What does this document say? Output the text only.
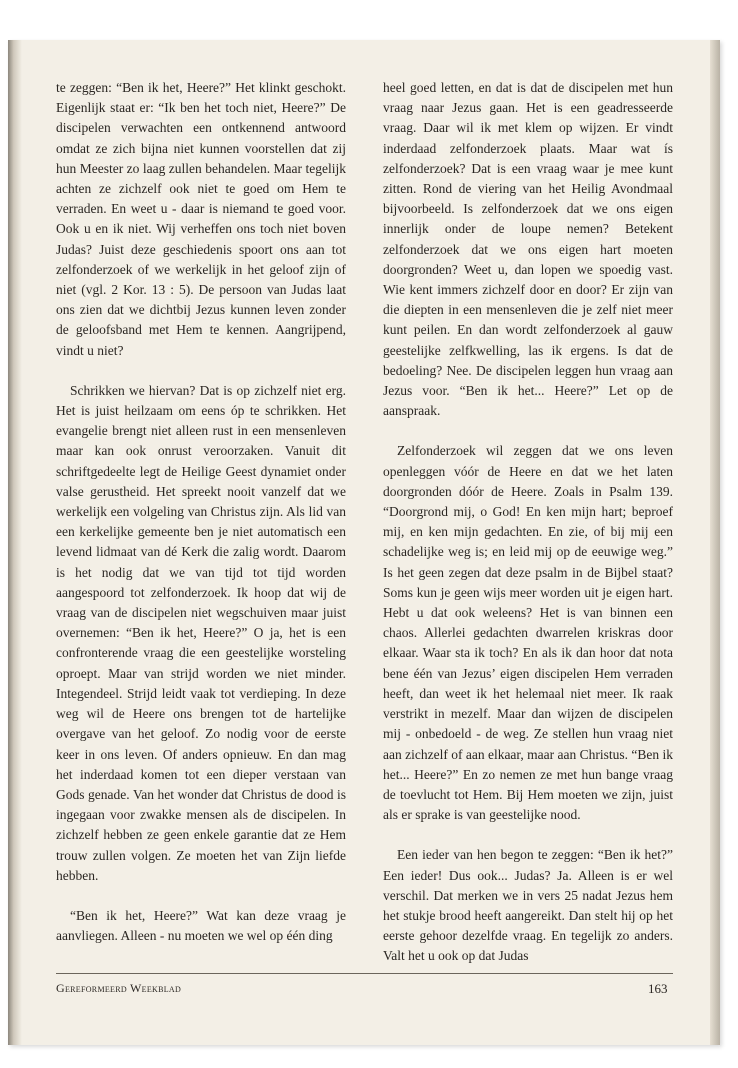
te zeggen: “Ben ik het, Heere?” Het klinkt geschokt. Eigenlijk staat er: “Ik ben het toch niet, Heere?” De discipelen verwachten een ontkennend antwoord omdat ze zich bijna niet kunnen voorstellen dat zij hun Meester zo laag zullen behandelen. Maar tegelijk achten ze zichzelf ook niet te goed om Hem te verraden. En weet u - daar is niemand te goed voor. Ook u en ik niet. Wij verheffen ons toch niet boven Judas? Juist deze geschiedenis spoort ons aan tot zelfonderzoek of we werkelijk in het geloof zijn of niet (vgl. 2 Kor. 13 : 5). De persoon van Judas laat ons zien dat we dichtbij Jezus kunnen leven zonder de geloofsband met Hem te kennen. Aangrijpend, vindt u niet?

Schrikken we hiervan? Dat is op zichzelf niet erg. Het is juist heilzaam om eens óp te schrikken. Het evangelie brengt niet alleen rust in een mensenleven maar kan ook onrust veroorzaken. Vanuit dit schriftgedeelte legt de Heilige Geest dynamiet onder valse gerustheid. Het spreekt nooit vanzelf dat we werkelijk een volgeling van Christus zijn. Als lid van een kerkelijke gemeente ben je niet automatisch een levend lidmaat van dé Kerk die zalig wordt. Daarom is het nodig dat we van tijd tot tijd worden aangespoord tot zelfonderzoek. Ik hoop dat wij de vraag van de discipelen niet wegschuiven maar juist overnemen: “Ben ik het, Heere?” O ja, het is een confronterende vraag die een geestelijke worsteling oproept. Maar van strijd worden we niet minder. Integendeel. Strijd leidt vaak tot verdieping. In deze weg wil de Heere ons brengen tot de hartelijke overgave van het geloof. Zo nodig voor de eerste keer in ons leven. Of anders opnieuw. En dan mag het inderdaad komen tot een dieper verstaan van Gods genade. Van het wonder dat Christus de dood is ingegaan voor zwakke mensen als de discipelen. In zichzelf hebben ze geen enkele garantie dat ze Hem trouw zullen volgen. Ze moeten het van Zijn liefde hebben.

“Ben ik het, Heere?” Wat kan deze vraag je aanvliegen. Alleen - nu moeten we wel op één ding

heel goed letten, en dat is dat de discipelen met hun vraag naar Jezus gaan. Het is een geadresseerde vraag. Daar wil ik met klem op wijzen. Er vindt inderdaad zelfonderzoek plaats. Maar wat ís zelfonderzoek? Dat is een vraag waar je mee kunt zitten. Rond de viering van het Heilig Avondmaal bijvoorbeeld. Is zelfonderzoek dat we ons eigen innerlijk onder de loupe nemen? Betekent zelfonderzoek dat we ons eigen hart moeten doorgronden? Weet u, dan lopen we spoedig vast. Wie kent immers zichzelf door en door? Er zijn van die diepten in een mensenleven die je zelf niet meer kunt peilen. En dan wordt zelfonderzoek al gauw geestelijke zelfkwelling, las ik ergens. Is dat de bedoeling? Nee. De discipelen leggen hun vraag aan Jezus voor. “Ben ik het... Heere?” Let op de aanspraak.

Zelfonderzoek wil zeggen dat we ons leven openleggen vóór de Heere en dat we het laten doorgronden dóór de Heere. Zoals in Psalm 139. “Doorgrond mij, o God! En ken mijn hart; beproef mij, en ken mijn gedachten. En zie, of bij mij een schadelijke weg is; en leid mij op de eeuwige weg.” Is het geen zegen dat deze psalm in de Bijbel staat? Soms kun je geen wijs meer worden uit je eigen hart. Hebt u dat ook weleens? Het is van binnen een chaos. Allerlei gedachten dwarrelen kriskras door elkaar. Waar sta ik toch? En als ik dan hoor dat nota bene één van Jezus’ eigen discipelen Hem verraden heeft, dan weet ik het helemaal niet meer. Ik raak verstrikt in mezelf. Maar dan wijzen de discipelen mij - onbedoeld - de weg. Ze stellen hun vraag niet aan zichzelf of aan elkaar, maar aan Christus. “Ben ik het... Heere?” En zo nemen ze met hun bange vraag de toevlucht tot Hem. Bij Hem moeten we zijn, juist als er sprake is van geestelijke nood.

Een ieder van hen begon te zeggen: “Ben ik het?” Een ieder! Dus ook... Judas? Ja. Alleen is er wel verschil. Dat merken we in vers 25 nadat Jezus hem het stukje brood heeft aangereikt. Dan stelt hij op het eerste gehoor dezelfde vraag. En tegelijk zo anders. Valt het u ook op dat Judas

Gereformeerd Weekblad	163
